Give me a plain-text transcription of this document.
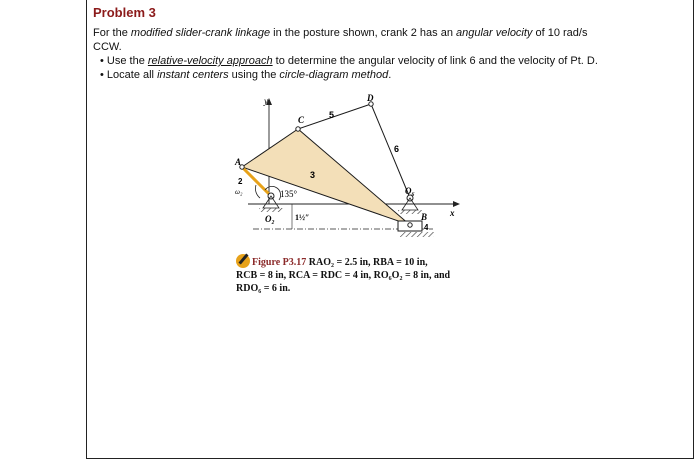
Problem 3
For the modified slider-crank linkage in the posture shown, crank 2 has an angular velocity of 10 rad/s
CCW.
• Use the relative-velocity approach to determine the angular velocity of link 6 and the velocity of Pt. D.
• Locate all instant centers using the circle-diagram method.
y
x
D
C
A
B
5
6
3
2
ω₂	135°
O₂
O₆
1½″
4
Figure P3.17 RAO₂ = 2.5 in, RBA = 10 in,
RCB = 8 in, RCA = RDC = 4 in, RO₆O₂ = 8 in, and
RDO₆ = 6 in.
